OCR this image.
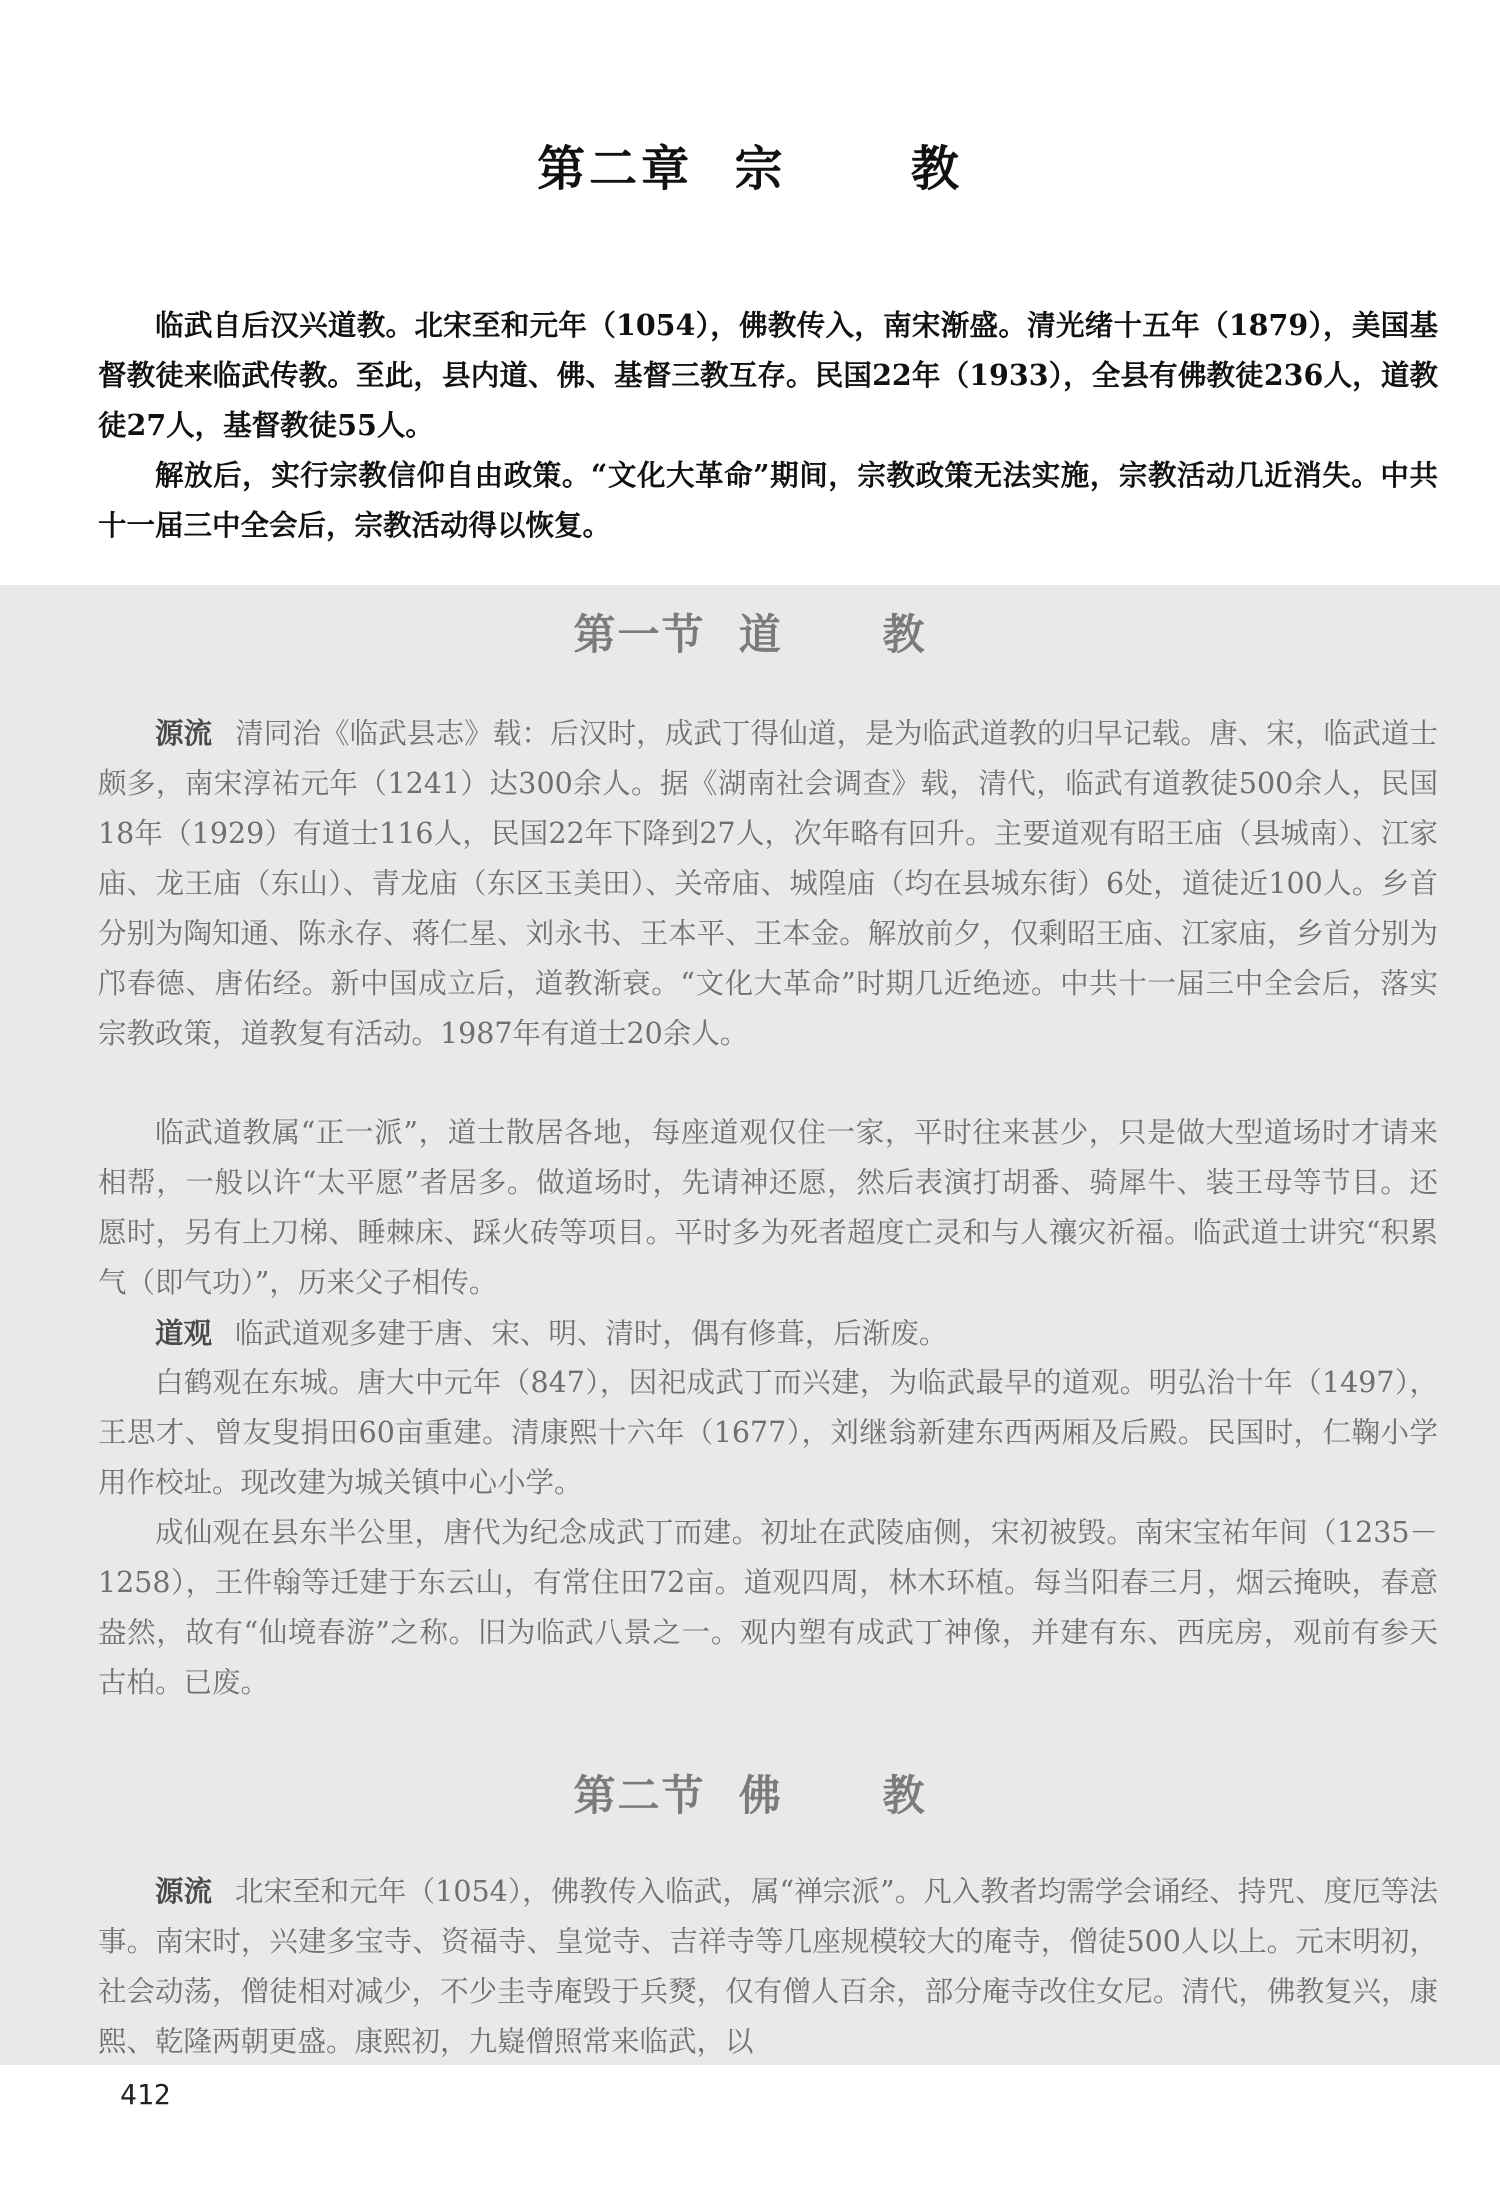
第二章  宗      教

临武自后汉兴道教。北宋至和元年（1054），佛教传入，南宋渐盛。清光绪十五年（1879），美国基督教徒来临武传教。至此，县内道、佛、基督三教互存。民国22年（1933），全县有佛教徒236人，道教徒27人，基督教徒55人。

解放后，实行宗教信仰自由政策。“文化大革命”期间，宗教政策无法实施，宗教活动几近消失。中共十一届三中全会后，宗教活动得以恢复。

第一节  道      教

源流 清同治《临武县志》载：后汉时，成武丁得仙道，是为临武道教的归早记载。唐、宋，临武道士颇多，南宋淳祐元年（1241）达300余人。据《湖南社会调查》载，清代，临武有道教徒500余人，民国18年（1929）有道士116人，民国22年下降到27人，次年略有回升。主要道观有昭王庙（县城南）、江家庙、龙王庙（东山）、青龙庙（东区玉美田）、关帝庙、城隍庙（均在县城东街）6处，道徒近100人。乡首分别为陶知通、陈永存、蒋仁星、刘永书、王本平、王本金。解放前夕，仅剩昭王庙、江家庙，乡首分别为邝春德、唐佑经。新中国成立后，道教渐衰。“文化大革命”时期几近绝迹。中共十一届三中全会后，落实宗教政策，道教复有活动。1987年有道士20余人。

临武道教属“正一派”，道士散居各地，每座道观仅住一家，平时往来甚少，只是做大型道场时才请来相帮，一般以许“太平愿”者居多。做道场时，先请神还愿，然后表演打胡番、骑犀牛、装王母等节目。还愿时，另有上刀梯、睡棘床、踩火砖等项目。平时多为死者超度亡灵和与人禳灾祈福。临武道士讲究“积累气（即气功）”，历来父子相传。

道观 临武道观多建于唐、宋、明、清时，偶有修葺，后渐废。

白鹤观在东城。唐大中元年（847），因祀成武丁而兴建，为临武最早的道观。明弘治十年（1497），王思才、曾友叟捐田60亩重建。清康熙十六年（1677），刘继翁新建东西两厢及后殿。民国时，仁鞠小学用作校址。现改建为城关镇中心小学。

成仙观在县东半公里，唐代为纪念成武丁而建。初址在武陵庙侧，宋初被毁。南宋宝祐年间（1235－1258），王件翰等迁建于东云山，有常住田72亩。道观四周，林木环植。每当阳春三月，烟云掩映，春意盎然，故有“仙境春游”之称。旧为临武八景之一。观内塑有成武丁神像，并建有东、西庑房，观前有参天古柏。已废。

第二节  佛      教

源流 北宋至和元年（1054），佛教传入临武，属“禅宗派”。凡入教者均需学会诵经、持咒、度厄等法事。南宋时，兴建多宝寺、资福寺、皇觉寺、吉祥寺等几座规模较大的庵寺，僧徒500人以上。元末明初，社会动荡，僧徒相对减少，不少圭寺庵毁于兵燹，仅有僧人百余，部分庵寺改住女尼。清代，佛教复兴，康熙、乾隆两朝更盛。康熙初，九嶷僧照常来临武，以

412
